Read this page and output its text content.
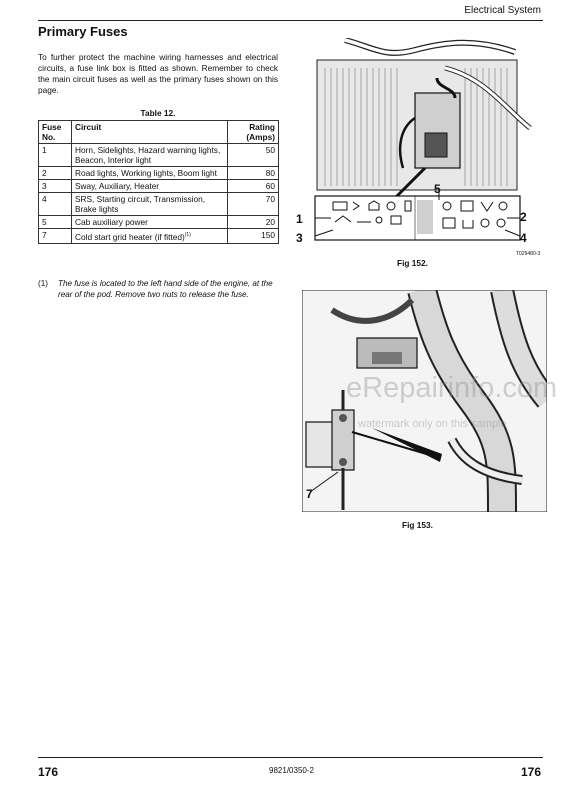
Electrical System
Primary Fuses
To further protect the machine wiring harnesses and electrical circuits, a fuse link box is fitted as shown. Remember to check the main circuit fuses as well as the primary fuses shown on this page.
Table 12.
Fuse No.	Circuit	Rating (Amps)
1	Horn, Sidelights, Hazard warning lights, Beacon, Interior light	50
2	Road lights, Working lights, Boom light	80
3	Sway, Auxiliary, Heater	60
4	SRS, Starting circuit, Transmission, Brake lights	70
5	Cab auxiliary power	20
7	Cold start grid heater (if fitted)$^{(1)}$	150
(1)	The fuse is located to the left hand side of the engine, at the rear of the pod. Remove two nuts to release the fuse.
1	2
3	4
5
T029480-3
Fig 152.
7
Fig 153.
eRepairinfo.com
watermark only on this sample
176	9821/0350-2	176
